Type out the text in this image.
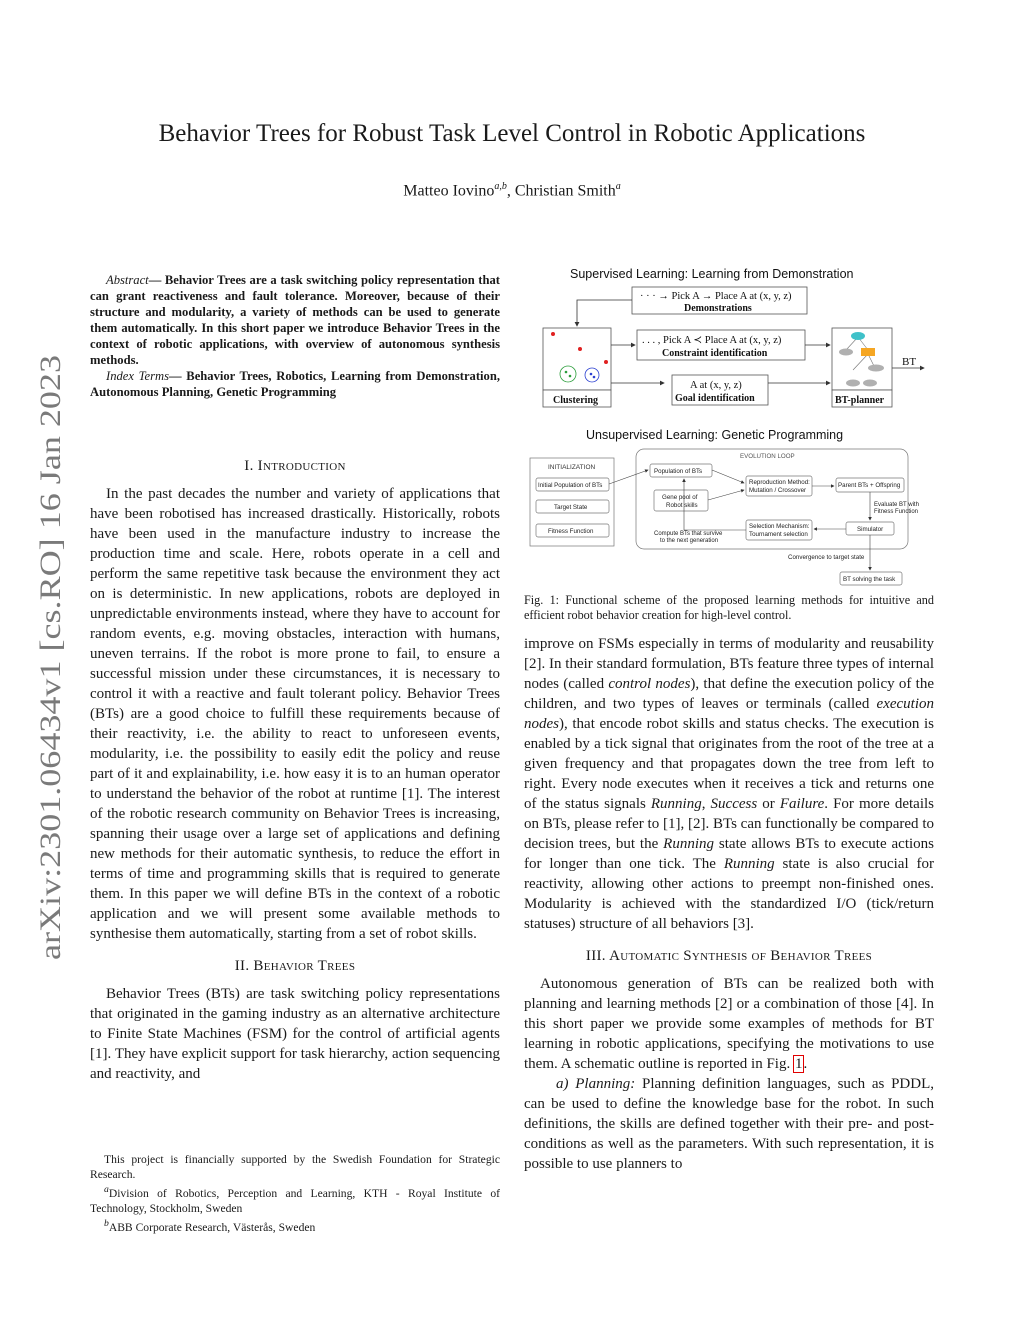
arXiv:2301.06434v1 [cs.RO] 16 Jan 2023
Behavior Trees for Robust Task Level Control in Robotic Applications
Matteo Iovino$^{a,b}$, Christian Smith$^a$

Abstract— Behavior Trees are a task switching policy representation that can grant reactiveness and fault tolerance. Moreover, because of their structure and modularity, a variety of methods can be used to generate them automatically. In this short paper we introduce Behavior Trees in the context of robotic applications, with overview of autonomous synthesis methods.

Index Terms— Behavior Trees, Robotics, Learning from Demonstration, Autonomous Planning, Genetic Programming

I. Introduction

In the past decades the number and variety of applications that have been robotised has increased drastically. Historically, robots have been used in the manufacture industry to increase the production time and scale. Here, robots operate in a cell and perform the same repetitive task because the environment they act on is deterministic. In new applications, robots are deployed in unpredictable environments instead, where they have to account for random events, e.g. moving obstacles, interaction with humans, uneven terrains. If the robot is more prone to fail, to ensure a successful mission under these circumstances, it is necessary to control it with a reactive and fault tolerant policy. Behavior Trees (BTs) are a good choice to fulfill these requirements because of their reactivity, i.e. the ability to react to unforeseen events, modularity, i.e. the possibility to easily edit the policy and reuse part of it and explainability, i.e. how easy it is to an human operator to understand the behavior of the robot at runtime [1]. The interest of the robotic research community on Behavior Trees is increasing, spanning their usage over a large set of applications and defining new methods for their automatic synthesis, to reduce the effort in terms of time and programming skills that is required to generate them. In this paper we will define BTs in the context of a robotic application and we will present some available methods to synthesise them automatically, starting from a set of robot skills.

II. Behavior Trees

Behavior Trees (BTs) are task switching policy representations that originated in the gaming industry as an alternative architecture to Finite State Machines (FSM) for the control of artificial agents [1]. They have explicit support for task hierarchy, action sequencing and reactivity, and

This project is financially supported by the Swedish Foundation for Strategic Research.

$^a$Division of Robotics, Perception and Learning, KTH - Royal Institute of Technology, Stockholm, Sweden

$^b$ABB Corporate Research, Västerås, Sweden

Supervised Learning: Learning from Demonstration
· · · → Pick A → Place A at (x, y, z)
Demonstrations
. . . , Pick A ≺ Place A at (x, y, z)
Constraint identification
A at (x, y, z)
Goal identification
Clustering	BT-planner
BT
Unsupervised Learning: Genetic Programming
INITIALIZATION
Initial Population of BTs
Target State
Fitness Function
EVOLUTION LOOP
Population of BTs
Gene pool of
Robot skills
Reproduction Method:
Mutation / Crossover
Parent BTs + Offspring
Evaluate BT with
Fitness Function
Selection Mechanism:
Tournament selection
Simulator
Compute BTs that survive
to the next generation
Convergence to target state
BT solving the task
Fig. 1: Functional scheme of the proposed learning methods for intuitive and efficient robot behavior creation for high-level control.

improve on FSMs especially in terms of modularity and reusability [2]. In their standard formulation, BTs feature three types of internal nodes (called control nodes), that define the execution policy of the children, and two types of leaves or terminals (called execution nodes), that encode robot skills and status checks. The execution is enabled by a tick signal that originates from the root of the tree at a given frequency and that propagates down the tree from left to right. Every node executes when it receives a tick and returns one of the status signals Running, Success or Failure. For more details on BTs, please refer to [1], [2]. BTs can functionally be compared to decision trees, but the Running state allows BTs to execute actions for longer than one tick. The Running state is also crucial for reactivity, allowing other actions to preempt non-finished ones. Modularity is achieved with the standardized I/O (tick/return statuses) structure of all behaviors [3].

III. Automatic Synthesis of Behavior Trees

Autonomous generation of BTs can be realized both with planning and learning methods [2] or a combination of those [4]. In this short paper we provide some examples of methods for BT learning in robotic applications, specifying the motivations to use them. A schematic outline is reported in Fig. 1.

a) Planning: Planning definition languages, such as PDDL, can be used to define the knowledge base for the robot. In such definitions, the skills are defined together with their pre- and post-conditions as well as the parameters. With such representation, it is possible to use planners to
